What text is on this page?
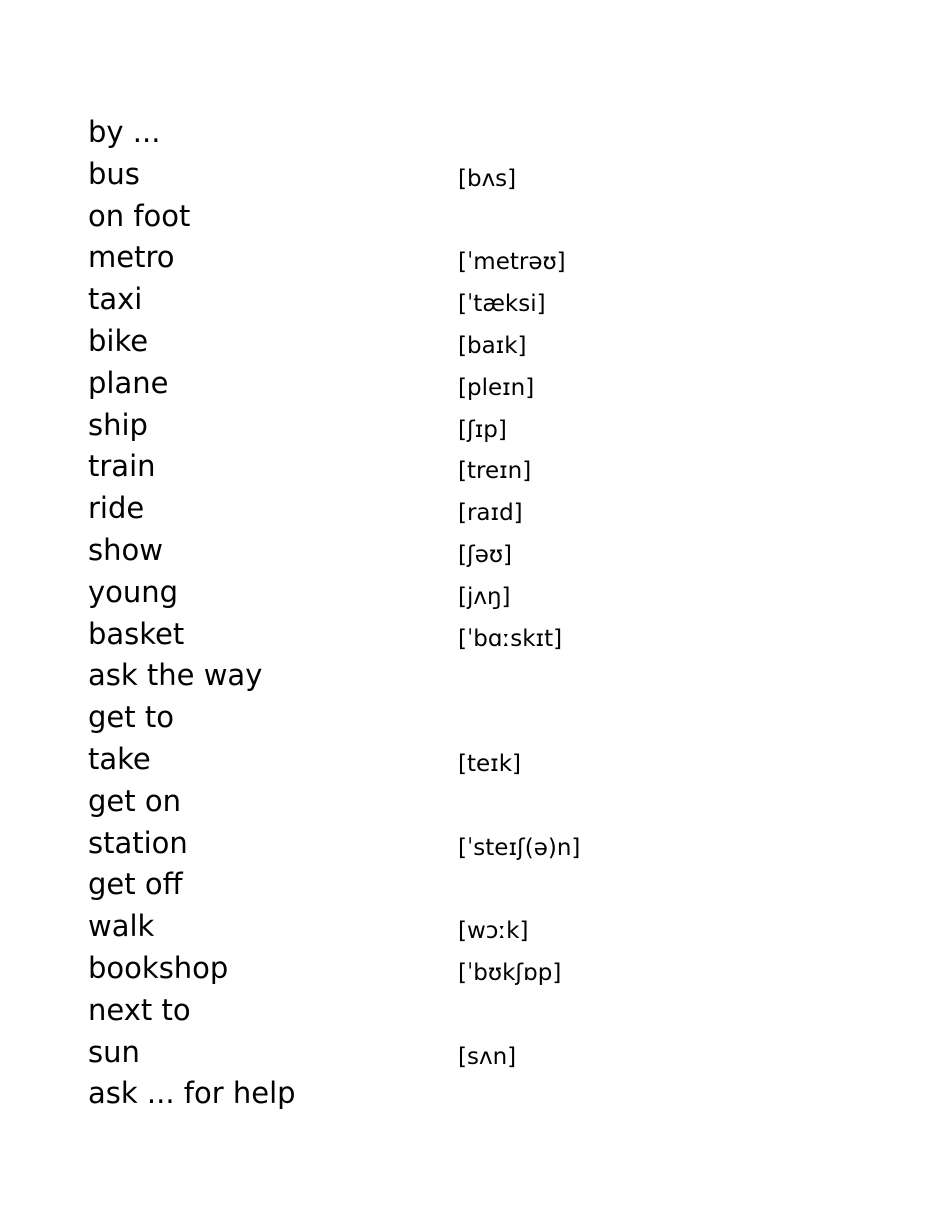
by ...
bus	[bʌs]
on foot
metro	[ˈmetrəʊ]
taxi	[ˈtæksi]
bike	[baɪk]
plane	[pleɪn]
ship	[ʃɪp]
train	[treɪn]
ride	[raɪd]
show	[ʃəʊ]
young	[jʌŋ]
basket	[ˈbɑːskɪt]
ask the way
get to
take	[teɪk]
get on
station	[ˈsteɪʃ(ə)n]
get off
walk	[wɔːk]
bookshop	[ˈbʊkʃɒp]
next to
sun	[sʌn]
ask ... for help
